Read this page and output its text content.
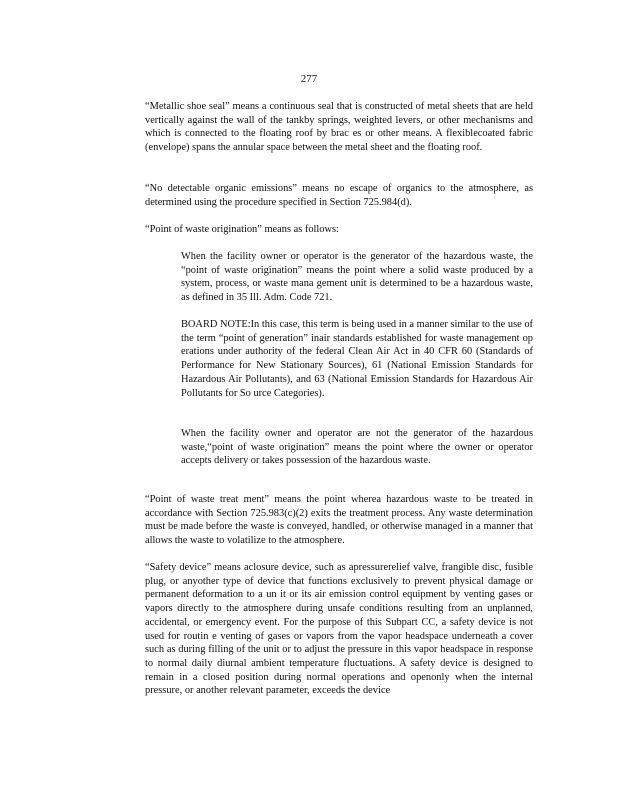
277

“Metallic shoe seal” means a continuous seal that is constructed of metal sheets that are held vertically against the wall of the tankby springs, weighted levers, or other mechanisms and which is connected to the floating roof by brac es or other means. A flexiblecoated fabric (envelope) spans the annular space between the metal sheet and the floating roof.

“No detectable organic emissions” means no escape of organics to the atmosphere, as determined using the procedure specified in Section 725.984(d).

“Point of waste origination” means as follows:

When the facility owner or operator is the generator of the hazardous waste, the “point of waste origination” means the point where a solid waste produced by a system, process, or waste mana gement unit is determined to be a hazardous waste, as defined in 35 Ill. Adm. Code 721.

BOARD NOTE:In this case, this term is being used in a manner similar to the use of the term “point of generation” inair standards established for waste management op erations under authority of the federal Clean Air Act in 40 CFR 60 (Standards of Performance for New Stationary Sources), 61 (National Emission Standards for Hazardous Air Pollutants), and 63 (National Emission Standards for Hazardous Air Pollutants for So urce Categories).

When the facility owner and operator are not the generator of the hazardous waste,“point of waste origination” means the point where the owner or operator accepts delivery or takes possession of the hazardous waste.

“Point of waste treat ment” means the point wherea hazardous waste to be treated in accordance with Section 725.983(c)(2) exits the treatment process. Any waste determination must be made before the waste is conveyed, handled, or otherwise managed in a manner that allows the waste to volatilize to the atmosphere.

“Safety device” means aclosure device, such as apressurerelief valve, frangible disc, fusible plug, or anyother type of device that functions exclusively to prevent physical damage or permanent deformation to a un it or its air emission control equipment by venting gases or vapors directly to the atmosphere during unsafe conditions resulting from an unplanned, accidental, or emergency event. For the purpose of this Subpart CC, a safety device is not used for routin e venting of gases or vapors from the vapor headspace underneath a cover such as during filling of the unit or to adjust the pressure in this vapor headspace in response to normal daily diurnal ambient temperature fluctuations. A safety device is designed to remain in a closed position during normal operations and openonly when the internal pressure, or another relevant parameter, exceeds the device
